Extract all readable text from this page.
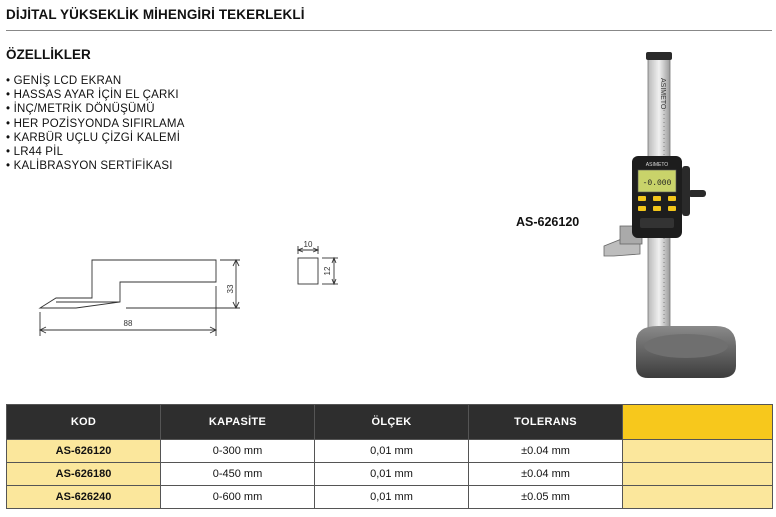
DİJİTAL YÜKSEKLİK MİHENGİRİ TEKERLEKLİ
ÖZELLİKLER
• GENİŞ LCD EKRAN
• HASSAS AYAR İÇİN EL ÇARKI
• İNÇ/METRİK DÖNÜŞÜMÜ
• HER POZİSYONDA SIFIRLAMA
• KARBÜR UÇLU ÇİZGİ KALEMİ
• LR44 PİL
• KALİBRASYON SERTİFİKASI
AS-626120
33
88
10
12
ASIMETO
ASIMETO
-0.000
KOD	KAPASİTE	ÖLÇEK	TOLERANS	
AS-626120	0-300 mm	0,01 mm	±0.04 mm	
AS-626180	0-450 mm	0,01 mm	±0.04 mm	
AS-626240	0-600 mm	0,01 mm	±0.05 mm	
